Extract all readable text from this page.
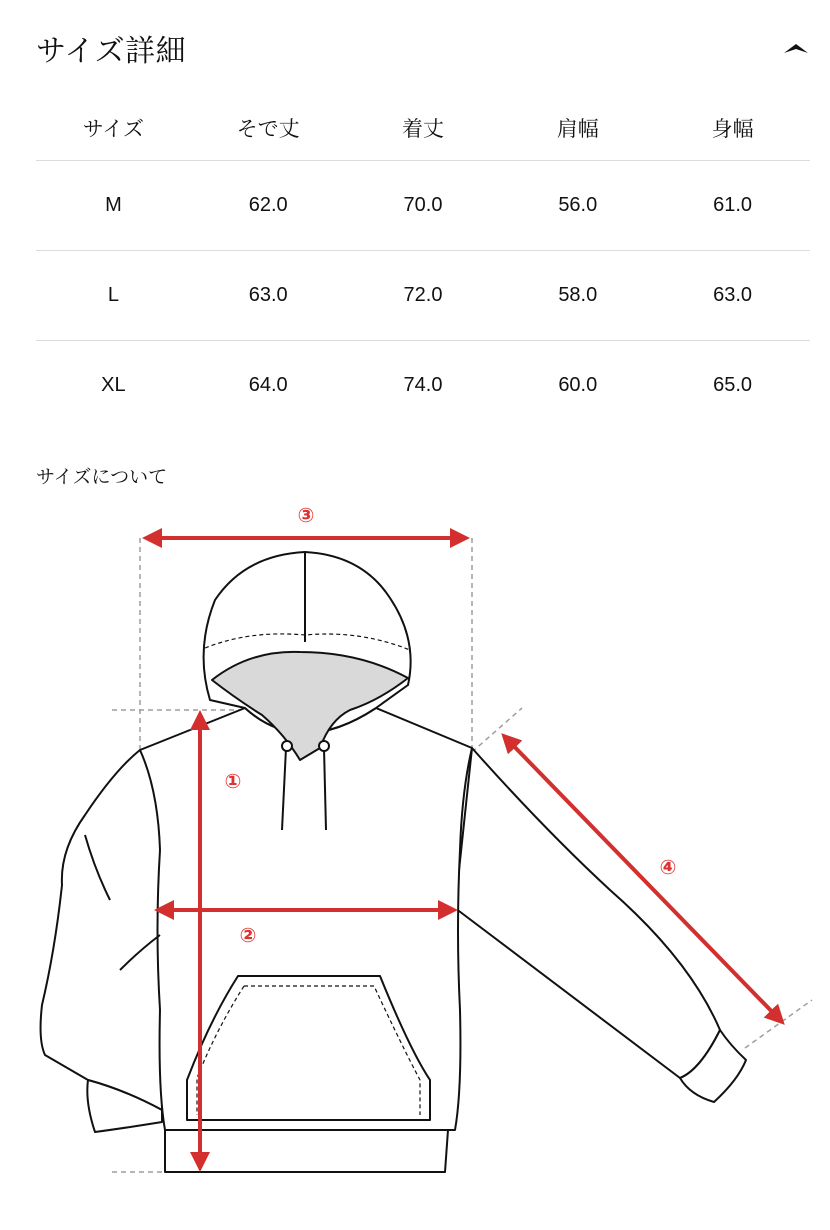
サイズ詳細
サイズ	そで丈	着丈	肩幅	身幅
M	62.0	70.0	56.0	61.0
L	63.0	72.0	58.0	63.0
XL	64.0	74.0	60.0	65.0
サイズについて
①
②
③
④
